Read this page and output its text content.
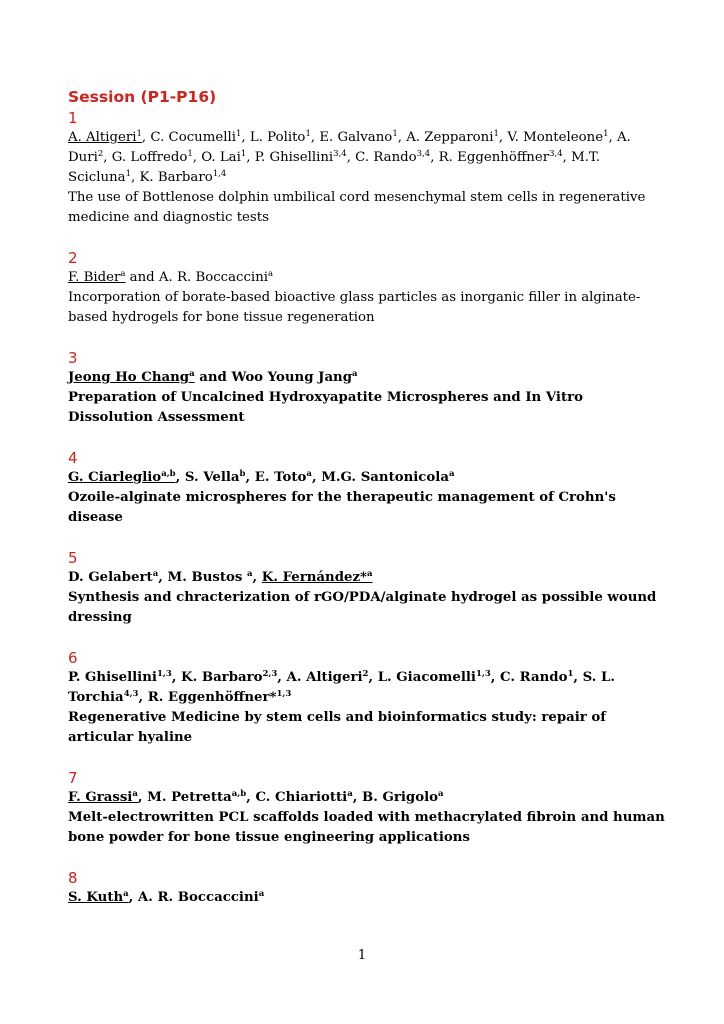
Session (P1-P16)

1

A. Altigeri$^1$, C. Cocumelli$^1$, L. Polito$^1$, E. Galvano$^1$, A. Zepparoni$^1$, V. Monteleone$^1$, A. Duri$^2$, G. Loffredo$^1$, O. Lai$^1$, P. Ghisellini$^{3,4}$, C. Rando$^{3,4}$, R. Eggenhöffner$^{3,4}$, M.T. Scicluna$^1$, K. Barbaro$^{1,4}$

The use of Bottlenose dolphin umbilical cord mesenchymal stem cells in regenerative medicine and diagnostic tests

2

F. Bider$^a$ and A. R. Boccaccini$^a$

Incorporation of borate-based bioactive glass particles as inorganic filler in alginate-based hydrogels for bone tissue regeneration

3

Jeong Ho Chang$^a$ and Woo Young Jang$^a$

Preparation of Uncalcined Hydroxyapatite Microspheres and In Vitro Dissolution Assessment

4

G. Ciarleglio$^{a,b}$, S. Vella$^b$, E. Toto$^a$, M.G. Santonicola$^a$

Ozoile-alginate microspheres for the therapeutic management of Crohn's disease

5

D. Gelabert$^a$, M. Bustos $^a$, K. Fernández*$^a$

Synthesis and chracterization of rGO/PDA/alginate hydrogel as possible wound dressing

6

P. Ghisellini$^{1,3}$, K. Barbaro$^{2,3}$, A. Altigeri$^2$, L. Giacomelli$^{1,3}$, C. Rando$^1$, S. L. Torchia$^{4,3}$, R. Eggenhöffner*$^{1,3}$

Regenerative Medicine by stem cells and bioinformatics study: repair of articular hyaline

7

F. Grassi$^a$, M. Petretta$^{a,b}$, C. Chiariotti$^a$, B. Grigolo$^a$

Melt-electrowritten PCL scaffolds loaded with methacrylated fibroin and human bone powder for bone tissue engineering applications

8

S. Kuth$^a$, A. R. Boccaccini$^a$

1
